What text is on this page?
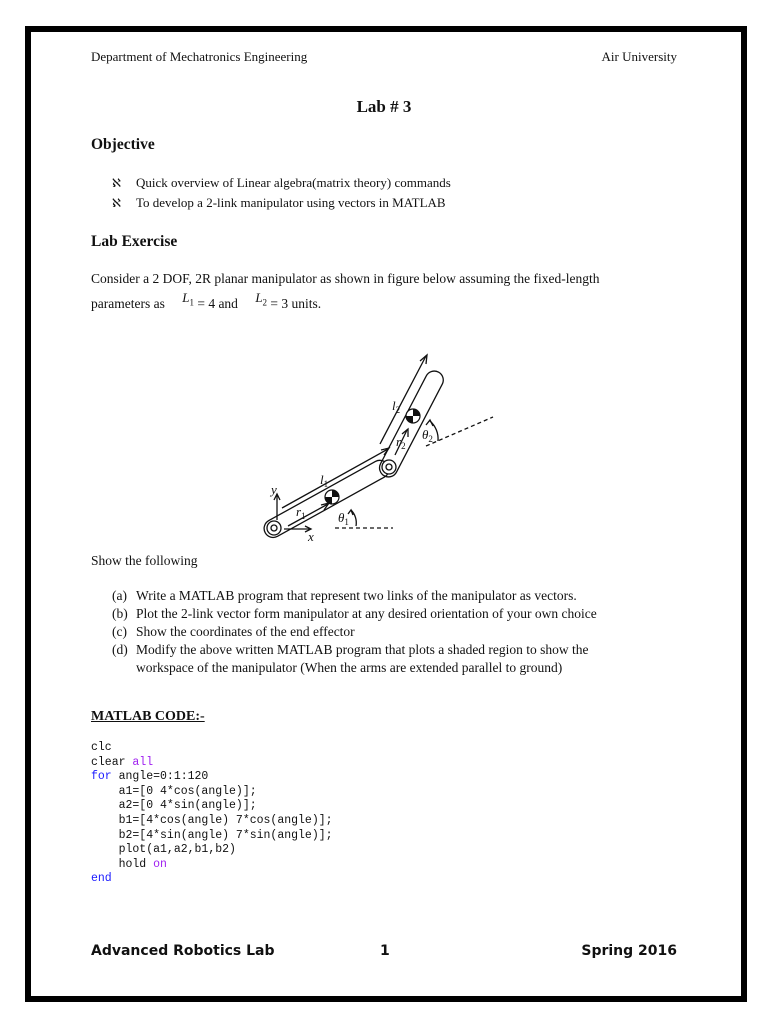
Department of Mechatronics Engineering	Air University
Lab # 3
Objective
ℵ Quick overview of Linear algebra(matrix theory) commands
ℵ To develop a 2-link manipulator using vectors in MATLAB
Lab Exercise
Consider a 2 DOF, 2R planar manipulator as shown in figure below assuming the fixed-length
parameters as $L_1 = 4$ and $L_2 = 3$ units.
y
x
$l_1$
$l_2$
$r_1$
$r_2$
$\theta_1$
$\theta_2$
Show the following
(a) Write a MATLAB program that represent two links of the manipulator as vectors.
(b) Plot the 2-link vector form manipulator at any desired orientation of your own choice
(c) Show the coordinates of the end effector
(d) Modify the above written MATLAB program that plots a shaded region to show the
workspace of the manipulator (When the arms are extended parallel to ground)
MATLAB CODE:-
clc
clear all
for angle=0:1:120
a1=[0 4*cos(angle)];
a2=[0 4*sin(angle)];
b1=[4*cos(angle) 7*cos(angle)];
b2=[4*sin(angle) 7*sin(angle)];
plot(a1,a2,b1,b2)
hold on
end
Advanced Robotics Lab	1	Spring 2016
